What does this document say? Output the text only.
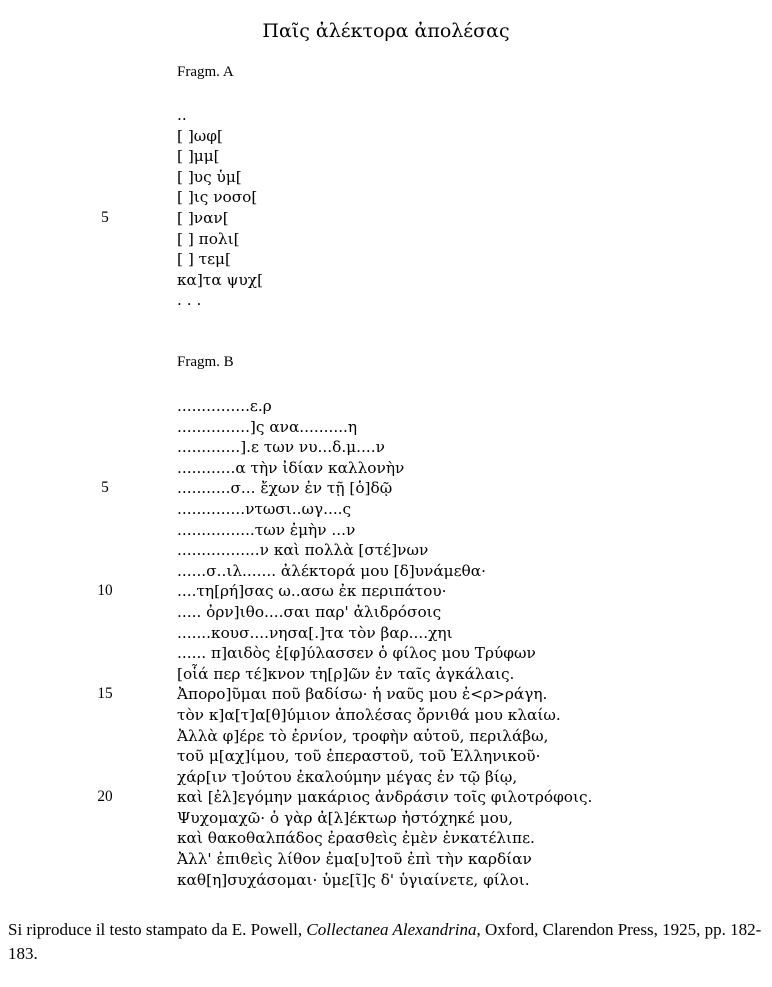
Παῖς ἀλέκτορα ἀπολέσας
Fragm. A
..
[ ]ωφ[
[ ]μμ[
[ ]υς ὑμ[
[ ]ις νοσο[
5	[ ]ναν[
[ ] πολι[
[ ] τεμ[
κα]τα ψυχ[
. . .
Fragm. B
...............ε.ρ
...............]ς ανα..........η
.............].ε των νυ...δ.μ....ν
............α τὴν ἰδίαν καλλονὴν
5	...........σ... ἔχων ἐν τῇ [ὁ]δῷ
..............ντωσι..ωγ....ς
................των ἐμὴν ...ν
.................ν καὶ πολλὰ [στέ]νων
......σ..ιλ....... ἀλέκτορά μου [δ]υνάμεθα·
10	....τη[ρή]σας ω..ασω ἐκ περιπάτου·
..... ὀρν]ιθο....σαι παρ' ἀλιδρόσοις
.......κουσ....νησα[.]τα τὸν βαρ....χηι
...... π]αιδὸς ἐ[φ]ύλασσεν ὁ φίλος μου Τρύφων
[οἷά περ τέ]κνον τη[ρ]ῶν ἐν ταῖς ἀγκάλαις.
15	Ἀπορο]ῦμαι ποῦ βαδίσω· ἡ ναῦς μου ἐ<ρ>ράγη.
τὸν κ]α[τ]α[θ]ύμιον ἀπολέσας ὄρνιθά μου κλαίω.
Ἀλλὰ φ]έρε τὸ ἐρνίον, τροφὴν αὐτοῦ, περιλάβω,
τοῦ μ[αχ]ίμου, τοῦ ἐπεραστοῦ, τοῦ Ἑλληνικοῦ·
χάρ[ιν τ]ούτου ἐκαλούμην μέγας ἐν τῷ βίῳ,
20	καὶ [ἐλ]εγόμην μακάριος ἀνδράσιν τοῖς φιλοτρόφοις.
Ψυχομαχῶ· ὁ γὰρ ἀ[λ]έκτωρ ἠστόχηκέ μου,
καὶ θακοθαλπάδος ἐρασθεὶς ἐμὲν ἐνκατέλιπε.
Ἀλλ' ἐπιθεὶς λίθον ἐμα[υ]τοῦ ἐπὶ τὴν καρδίαν
καθ[η]συχάσομαι· ὑμε[ῖ]ς δ' ὑγιαίνετε, φίλοι.
Si riproduce il testo stampato da E. Powell, Collectanea Alexandrina, Oxford, Clarendon Press, 1925, pp. 182-183.
